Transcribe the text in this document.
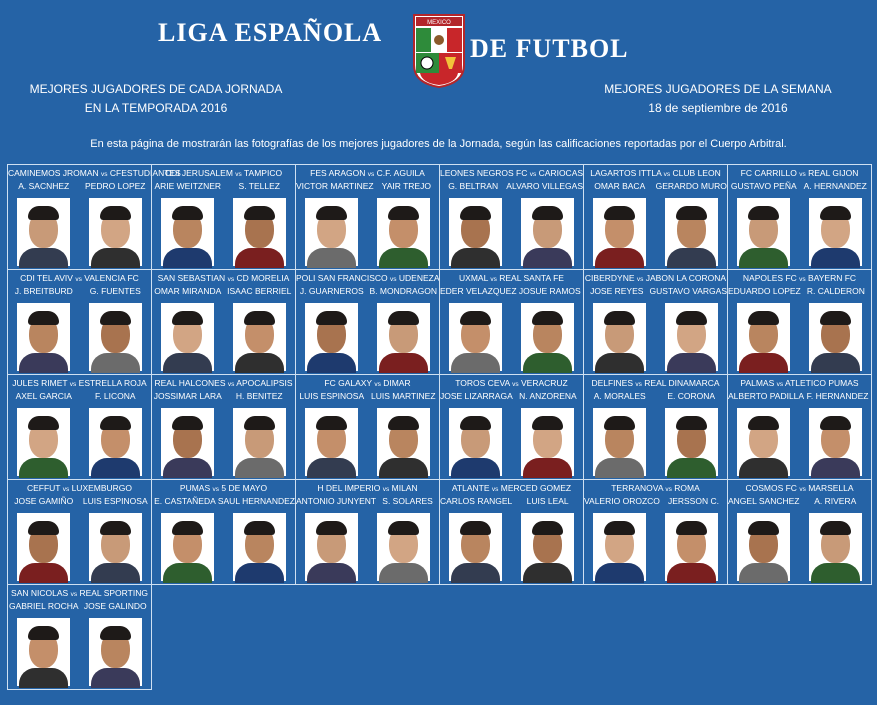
LIGA ESPAÑOLA	MEXICO
DE FUTBOL
MEJORES JUGADORES DE CADA JORNADA
EN LA TEMPORADA 2016
MEJORES JUGADORES DE LA SEMANA
18 de septiembre de 2016
En esta página de mostrarán las fotografías de los mejores jugadores de la Jornada, según las calificaciones reportadas por el Cuerpo Arbitral.
CAMINEMOS JROMAN vs CFESTUDIANTES
A. SACNHEZ	PEDRO LOPEZ
CDI JERUSALEM vs TAMPICO
ARIE WEITZNER	S. TELLEZ
FES ARAGON vs C.F. AGUILA
VICTOR MARTINEZ YAIR TREJO
LEONES NEGROS FC vs CARIOCAS
G. BELTRAN ALVARO VILLEGAS
LAGARTOS ITTLA vs CLUB LEON
OMAR BACA	GERARDO MURO
FC CARRILLO vs REAL GIJON
GUSTAVO PEÑA A. HERNANDEZ
CDI TEL AVIV vs VALENCIA FC
J. BREITBURD	G. FUENTES
SAN SEBASTIAN vs CD MORELIA
OMAR MIRANDA ISAAC BERRIEL
POLI SAN FRANCISCO vs UDENEZA
J. GUARNEROS B. MONDRAGON
UXMAL vs REAL SANTA FE
EDER VELAZQUEZ JOSUE RAMOS
CIBERDYNE vs JABON LA CORONA
JOSE REYES GUSTAVO VARGAS
NAPOLES FC vs BAYERN FC
EDUARDO LOPEZ R. CALDERON
JULES RIMET vs ESTRELLA ROJA
AXEL GARCIA	F. LICONA
REAL HALCONES vs APOCALIPSIS
JOSSIMAR LARA	H. BENITEZ
FC GALAXY vs DIMAR
LUIS ESPINOSA LUIS MARTINEZ
TOROS CEVA vs VERACRUZ
JOSE LIZARRAGA N. ANZORENA
DELFINES vs REAL DINAMARCA
A. MORALES	E. CORONA
PALMAS vs ATLETICO PUMAS
ALBERTO PADILLA F. HERNANDEZ
CEFFUT vs LUXEMBURGO
JOSE GAMIÑO	LUIS ESPINOSA
PUMAS vs 5 DE MAYO
E. CASTAÑEDA SAUL HERNANDEZ
H DEL IMPERIO vs MILAN
ANTONIO JUNYENT S. SOLARES
ATLANTE vs MERCED GOMEZ
CARLOS RANGEL	LUIS LEAL
TERRANOVA vs ROMA
VALERIO OROZCO JERSSON C.
COSMOS FC vs MARSELLA
ANGEL SANCHEZ	A. RIVERA
SAN NICOLAS vs REAL SPORTING
GABRIEL ROCHA JOSE GALINDO
